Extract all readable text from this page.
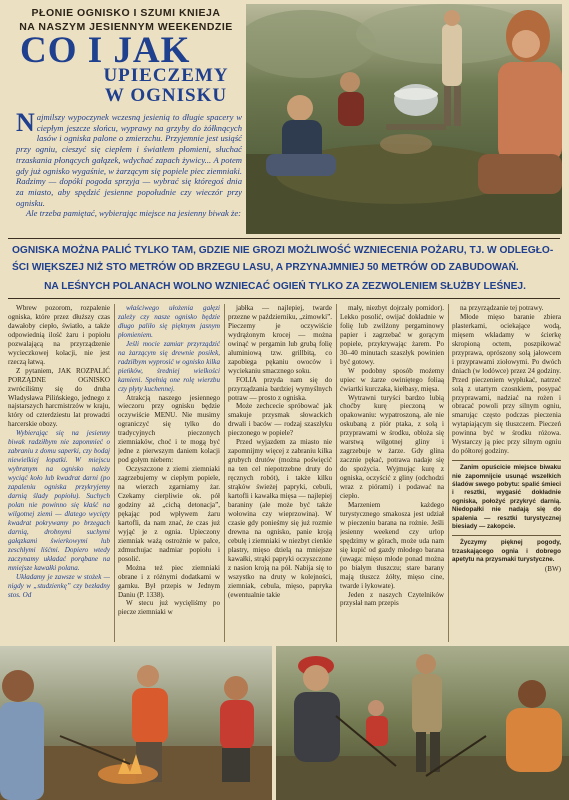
PŁONIE OGNISKO I SZUMI KNIEJA
NA NASZYM JESIENNYM WEEKENDZIE
CO I JAK
UPIECZEMY
W OGNISKU

Najmilszy wypoczynek wczesną jesienią to długie spacery w ciepłym jeszcze słońcu, wyprawy na grzyby do żółknących lasów i ogniska palone o zmierzchu. Przyjemnie jest usiąść przy ogniu, cieszyć się ciepłem i światłem płomieni, słuchać trzaskania płonących gałązek, wdychać zapach żywicy... A potem gdy już ognisko wygaśnie, w żarzącym się popiele piec ziemniaki. Radzimy — dopóki pogoda sprzyja — wybrać się któregoś dnia za miasto, aby spędzić jesienne popołudnie czy wieczór przy ognisku.

Ale trzeba pamiętać, wybierając miejsce na jesienny biwak że:

OGNISKA MOŻNA PALIĆ TYLKO TAM, GDZIE NIE GROZI MOŻLIWOŚĆ WZNIECENIA POŻARU, TJ. W ODLEGŁO-
ŚCI WIĘKSZEJ NIŻ STO METRÓW OD BRZEGU LASU, A PRZYNAJMNIEJ 50 METRÓW OD ZABUDOWAŃ.
NA LEŚNYCH POLANACH WOLNO WZNIECAĆ OGIEŃ TYLKO ZA ZEZWOLENIEM SŁUŻBY LEŚNEJ.

Wbrew pozorom, rozpalenie ogniska, które przez dłuższy czas dawałoby ciepło, światło, a także odpowiednią ilość żaru i popiołu pozwalającą na przyrządzenie wycieczkowej kolacji, nie jest rzeczą łatwą.

Z pytaniem, JAK ROZPALIĆ PORZĄDNE OGNISKO zwróciliśmy się do druha Władysława Pilińskiego, jednego z najstarszych harcmistrzów w kraju, który od czterdziestu lat prowadzi harcerskie obozy.

Wybierając się na jesienny biwak radziłbym nie zapomnieć o zabraniu z domu saperki, czy bodaj niewielkiej łopatki. W miejscu wybranym na ognisko należy wyciąć koło lub kwadrat darni (po zapaleniu ogniska przykryjemy darnią ślady popiołu). Suchych polan nie powinno się kłaść na wilgotnej ziemi — dlatego wycięty kwadrat pokrywamy po brzegach darnią, drobnymi suchymi gałązkami świerkowymi lub zeschłymi liśćmi. Dopiero wtedy zaczynamy układać porąbane na mniejsze kawałki polana.

Układamy je zawsze w stożek — nigdy w „studzienkę” czy bezładny stos. Od

właściwego ułożenia gałęzi zależy czy nasze ognisko będzie długo paliło się pięknym jasnym płomieniem.

Jeśli mocie zamiar przyrządzić na żarzącym się drewnie posiłek, radziłbym wyprosić w ognisko kilka pieńków, średniej wielkości kamieni. Spełnią one rolę wierzbu czy płyty kuchennej.

Atrakcją naszego jesiennego wieczoru przy ognisku będzie oczywiście MENU. Nie musimy ograniczyć się tylko do tradycyjnych pieczonych ziemniaków, choć i te mogą być jedne z pierwszym daniem kolacji pod gołym niebem:

Oczyszczone z ziemi ziemniaki zagrzebujemy w ciepłym popiele, na wierzch zgarniamy żar. Czekamy cierpliwie ok. pół godziny aż „cichą detonacja”, pękając pod wpływem żaru kartofli, da nam znać, że czas już wyjąć je z ognia. Upieczony ziemniak ważą ostrożnie w palce, zdmuchujac nadmiar popiołu i posolić.

Można też piec ziemniaki obrane i z różnymi dodatkami w garnku. Był przepis w Jednym Daniu (P. 1338).

W stecu już wycięliśmy po piecze ziemniaki w

jabłka — najlepiej, twarde przezne w październiku, „zimowki”. Pieczemy je oczywiście wydrążonym krocej — można owinąć w pergamin lub grubą folię aluminiową tzw. grillbitą, co zapobiega pękaniu owoców i wyciekaniu smacznego soku.

FOLIA przyda nam się do przyrządzania bardziej wymyślnych potraw — prosto z ogniska.

Może zechcecie spróbować jak smakuje przysmak słowackich drwali i baców — rodzaj szaszłyku pieczonego w popiele?

Przed wyjazdem za miasto nie zapomnijmy więcej z zabraniu kilka grubych drutów (można poświęcić na ten cel niepotrzebne druty do ręcznych robót), i także kilku strąków świeżej papryki, cebuli, kartofli i kawałka mięsa — najlepiej baraniny (ale może być także wołowina czy wieprzowina). W czasie gdy ponieśmy się już rozmie drewna na ognisko, panie kroją cebulę i ziemniaki w niezbyt cienkie plastry, mięso dzielą na mniejsze kawałki, strąki papryki oczyszczone z nasion kroją na pół. Nabija się to wszystko na druty w kolejności, ziemniak, cebula, mięso, papryka (ewentualnie takie

mały, niezbyt dojrzały pomidor). Lekko posolić, owijać dokładnie w folię lub zwilżony pergaminowy papier i zagrzebać w gorącym popiele, przykrywając żarem. Po 30–40 minutach szaszłyk powinien być gotowy.

W podobny sposób możemy upiec w żarze owiniętego foliaą ćwiartki kurczaka, kiełbasy, mięsa.

Wytrawni turyści bardzo lubią choćby kurę pieczoną w opakowaniu: wypatroszoną, ale nie oskubaną z piór ptaka, z solą i przyprawami w środku, obloża się warstwą wilgotnej gliny i zagrzebuje w żarze. Gdy glina zacznie pękać, potrawa nadaje się do spożycia. Wyjmując kurę z ogniska, oczyścić z gliny (odchodzi wraz z piórami) i podawać na ciepło.

Marzeniem każdego turystycznego smakosza jest udział w pieczeniu barana na rożnie. Jeśli jesienny weekend czy urlop spędzimy w górach, może uda nam się kupić od gazdy młodego barana (uwaga: mięso młode ponad można po białym tłuszczu; stare barany mają tłuszcz żółty, mięso cine, twarde i łykowate).

Jeden z naszych Czytelników przysłał nam przepis

na przyrządzanie tej potrawy.

Młode mięso baranie zbiera plasterkami, ociekające wodą, mięsem wkładamy w ścierkę skropioną octem, poszpikować przyprawa, oprószony solą jałowcem i przyprawami ziołowymi. Po dwóch dniach (w lodówce) przez 24 godziny. Przed pieczeniem wypłukać, natrzeć solą z utartym czosnkiem, posypać przyprawami, nadziać na rożen i obracać powoli przy silnym ogniu, smarując często podczas pieczenia wytapiającym się tłuszczem. Pieczeń powinna być w środku różowa. Wystarczy ją piec przy silnym ogniu do półtorej godziny.

Zanim opuścicie miejsce biwaku nie zapomnijcie usunąć wszelkich śladów swego pobytu: spalić śmieci i resztki, wygasić dokładnie ogniska, położyć przykryć darnią. Niedopałki nie nadają się do spalenia — resztki turystycznej biesiady — zakopcie.

Życzymy pięknej pogody, trzaskającego ognia i dobrego apetytu na przysmaki turystyczne.

(BW)
